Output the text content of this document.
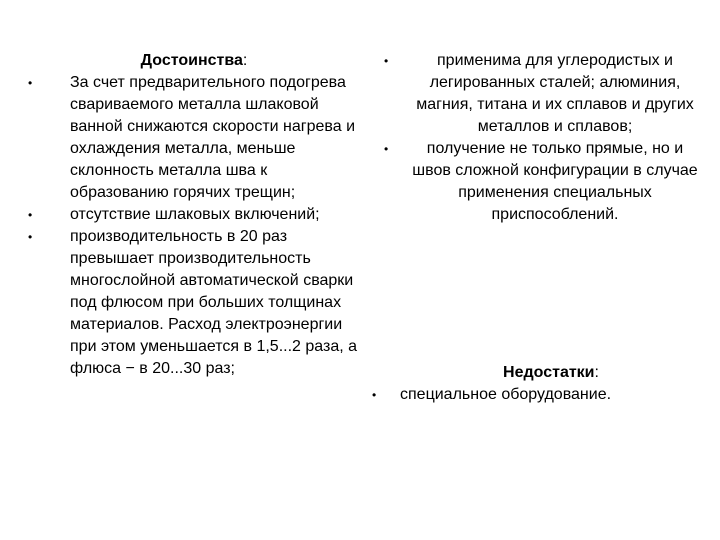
Достоинства:
• За счет предварительного подогрева свариваемого металла шлаковой ванной снижаются скорости нагрева и охлаждения металла, меньше склонность металла шва к образованию горячих трещин;
• отсутствие шлаковых включений;
• производительность в 20 раз превышает производительность многослойной автоматической сварки под флюсом при больших толщинах материалов. Расход электроэнергии при этом уменьшается в 1,5...2 раза, а флюса − в 20...30 раз;
•	применима для углеродистых и легированных сталей; алюминия, магния, титана и их сплавов и других металлов и сплавов;
•	получение не только прямые, но и швов сложной конфигурации в случае применения специальных приспособлений.
Недостатки:
• специальное оборудование.
